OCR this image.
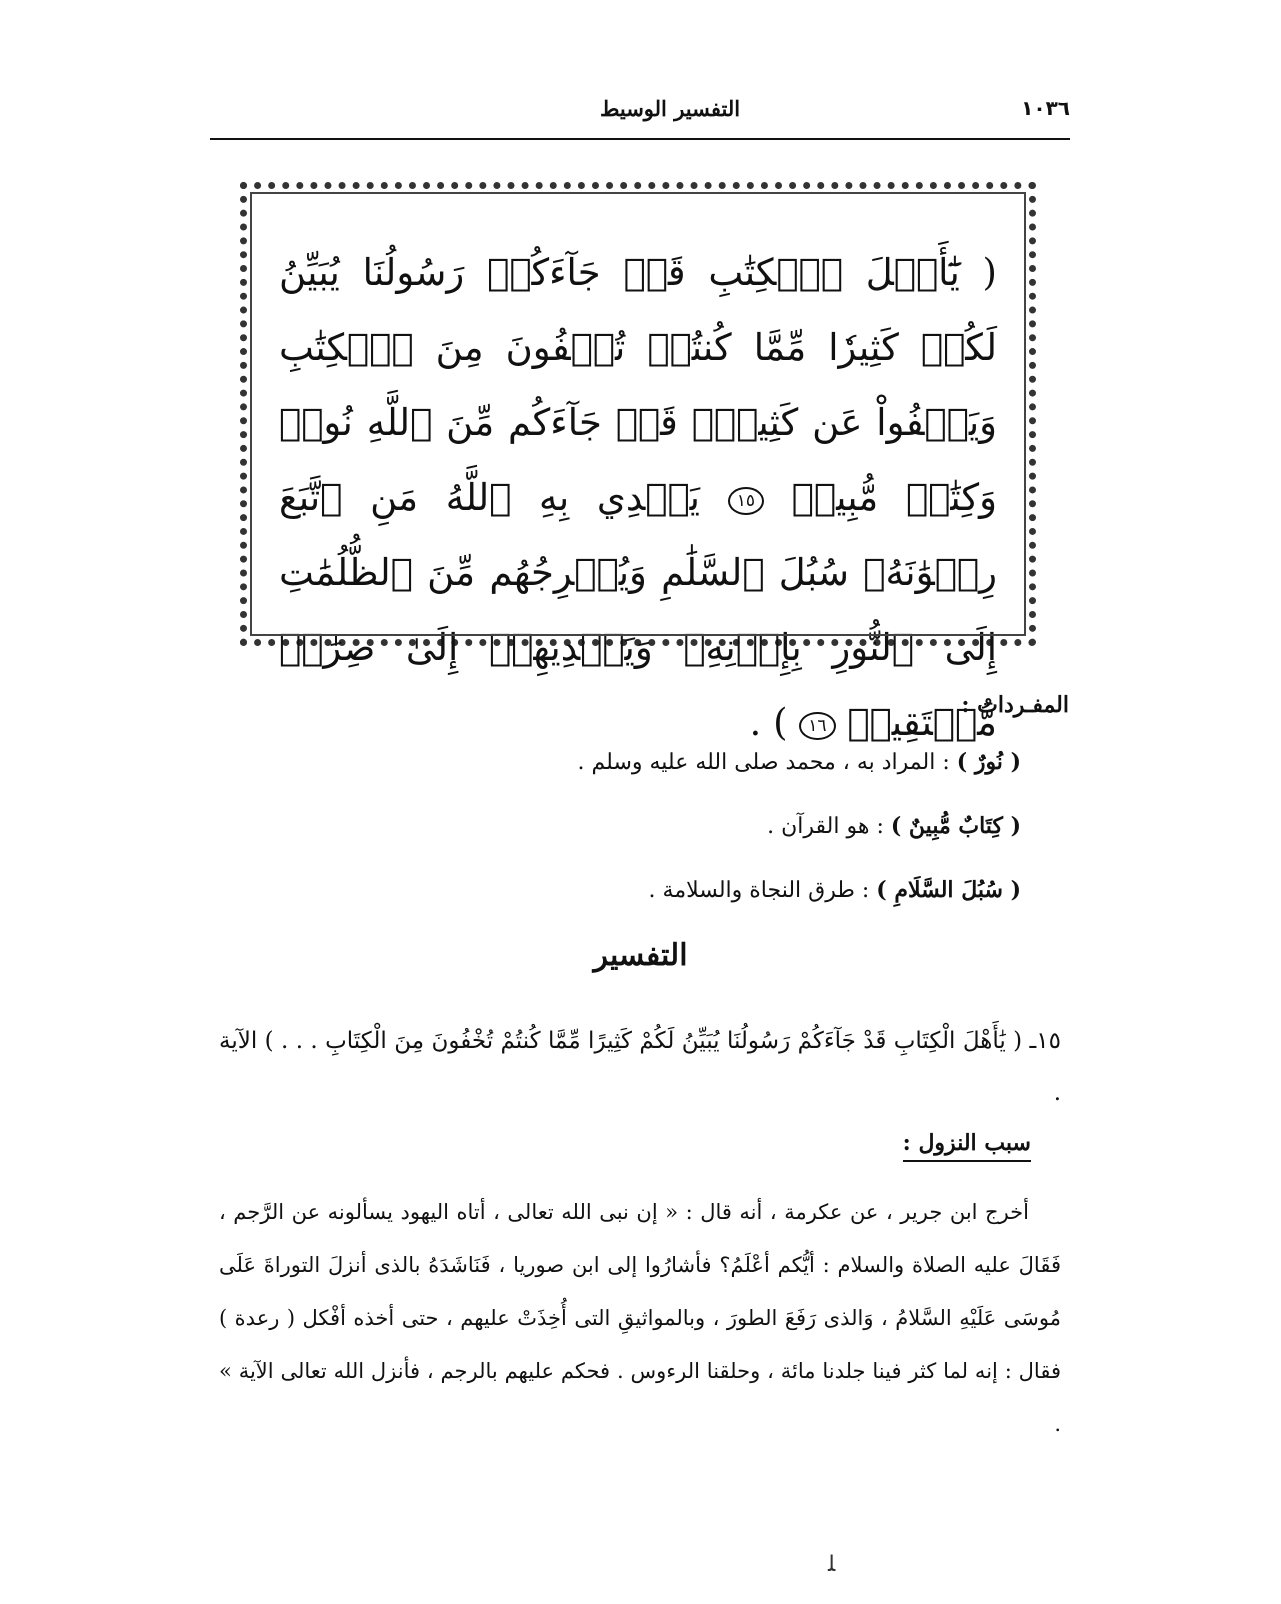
١٠٣٦
التفسير الوسيط

( يَٰٓأَهۡلَ ٱلۡكِتَٰبِ قَدۡ جَآءَكُمۡ رَسُولُنَا يُبَيِّنُ لَكُمۡ كَثِيرٗا مِّمَّا كُنتُمۡ تُخۡفُونَ مِنَ ٱلۡكِتَٰبِ وَيَعۡفُواْ عَن كَثِيرٖۚ قَدۡ جَآءَكُم مِّنَ ٱللَّهِ نُورٞ وَكِتَٰبٞ مُّبِينٞ ١٥ يَهۡدِي بِهِ ٱللَّهُ مَنِ ٱتَّبَعَ رِضۡوَٰنَهُۥ سُبُلَ ٱلسَّلَٰمِ وَيُخۡرِجُهُم مِّنَ ٱلظُّلُمَٰتِ إِلَى ٱلنُّورِ بِإِذۡنِهِۦ وَيَهۡدِيهِمۡ إِلَىٰ صِرَٰطٖ مُّسۡتَقِيمٖ ١٦ ) .	المفـردات :
( نُورٌ ) : المراد به ، محمد صلى الله عليه وسلم .
( كِتَابٌ مُّبِينٌ ) : هو القرآن .
( سُبُلَ السَّلَامِ ) : طرق النجاة والسلامة .
التفسير

١٥ـ ( يَٰأَهْلَ الْكِتَابِ قَدْ جَآءَكُمْ رَسُولُنَا يُبَيِّنُ لَكُمْ كَثِيرًا مِّمَّا كُنتُمْ تُخْفُونَ مِنَ الْكِتَابِ . . . ) الآية .

سبب النزول :

أخرج ابن جرير ، عن عكرمة ، أنه قال : « إن نبى الله تعالى ، أتاه اليهود يسألونه عن الرَّجم ، فَقَالَ عليه الصلاة والسلام : أيُّكم أعْلَمُ؟ فأشارُوا إلى ابن صوريا ، فَنَاشَدَهُ بالذى أنزلَ التوراةَ عَلَى مُوسَى عَلَيْهِ السَّلامُ ، وَالذى رَفَعَ الطورَ ، وبالمواثيقِ التى أُخِذَتْ عليهم ، حتى أخذه أفْكل ( رعدة ) فقال : إنه لما كثر فينا جلدنا مائة ، وحلقنا الرءوس . فحكم عليهم بالرجم ، فأنزل الله تعالى الآية » .

ﻠ
